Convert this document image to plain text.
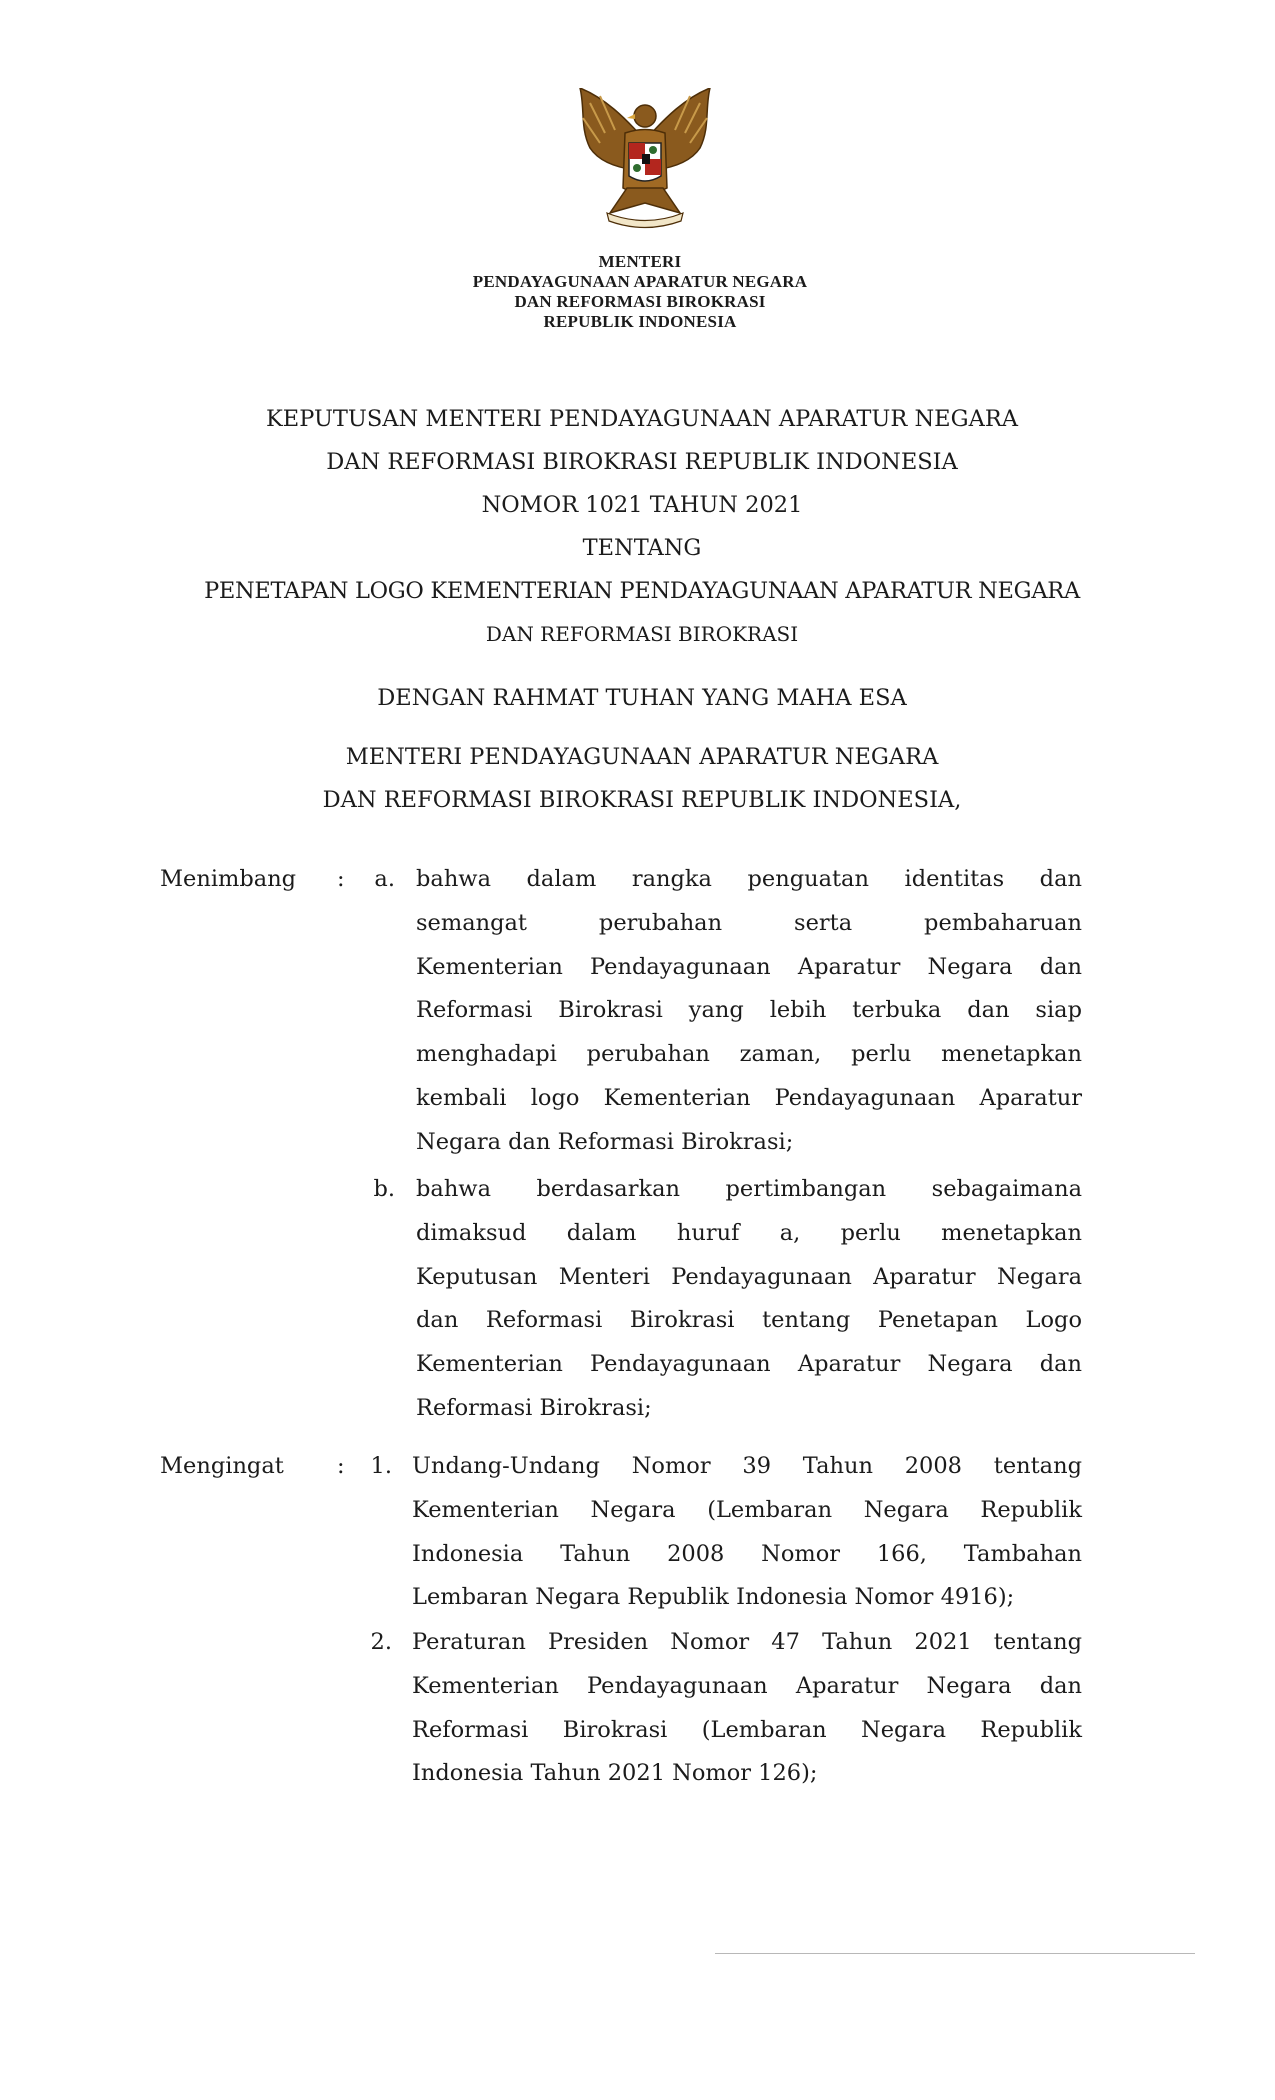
MENTERI
PENDAYAGUNAAN APARATUR NEGARA
DAN REFORMASI BIROKRASI
REPUBLIK INDONESIA
KEPUTUSAN MENTERI PENDAYAGUNAAN APARATUR NEGARA
DAN REFORMASI BIROKRASI REPUBLIK INDONESIA
NOMOR 1021 TAHUN 2021
TENTANG
PENETAPAN LOGO KEMENTERIAN PENDAYAGUNAAN APARATUR NEGARA
DAN REFORMASI BIROKRASI
DENGAN RAHMAT TUHAN YANG MAHA ESA
MENTERI PENDAYAGUNAAN APARATUR NEGARA
DAN REFORMASI BIROKRASI REPUBLIK INDONESIA,
Menimbang :	a. bahwa dalam rangka penguatan identitas dan
semangat perubahan serta pembaharuan
Kementerian Pendayagunaan Aparatur Negara dan
Reformasi Birokrasi yang lebih terbuka dan siap
menghadapi perubahan zaman, perlu menetapkan
kembali logo Kementerian Pendayagunaan Aparatur
Negara dan Reformasi Birokrasi;
b. bahwa berdasarkan pertimbangan sebagaimana
dimaksud dalam huruf a, perlu menetapkan
Keputusan Menteri Pendayagunaan Aparatur Negara
dan Reformasi Birokrasi tentang Penetapan Logo
Kementerian Pendayagunaan Aparatur Negara dan
Reformasi Birokrasi;
Mengingat :	1. Undang-Undang Nomor 39 Tahun 2008 tentang
Kementerian Negara (Lembaran Negara Republik
Indonesia Tahun 2008 Nomor 166, Tambahan
Lembaran Negara Republik Indonesia Nomor 4916);
2. Peraturan Presiden Nomor 47 Tahun 2021 tentang
Kementerian Pendayagunaan Aparatur Negara dan
Reformasi Birokrasi (Lembaran Negara Republik
Indonesia Tahun 2021 Nomor 126);
